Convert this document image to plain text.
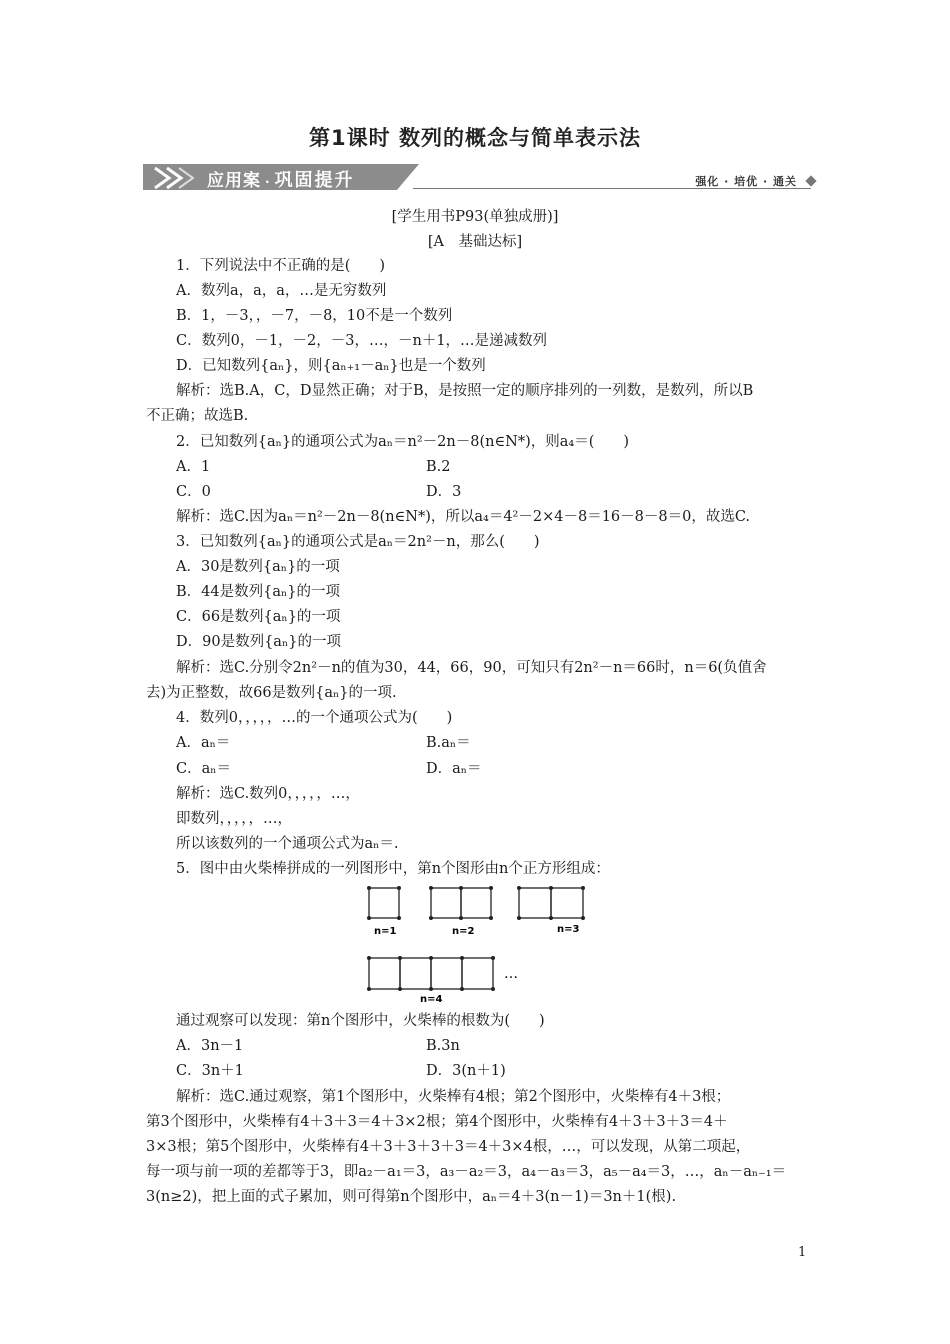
第1课时 数列的概念与简单表示法
应用案 · 巩固提升	强化 · 培优 · 通关
[学生用书P93(单独成册)]
[A　基础达标]
1．下列说法中不正确的是(　　)
A．数列a，a，a，…是无穷数列
B．1，－3，，－7，－8，10不是一个数列
C．数列0，－1，－2，－3，…，－n＋1，…是递减数列
D．已知数列{aₙ}，则{aₙ₊₁－aₙ}也是一个数列
解析：选B.A，C，D显然正确；对于B，是按照一定的顺序排列的一列数，是数列，所以B
不正确；故选B.
2．已知数列{aₙ}的通项公式为aₙ＝n²－2n－8(n∈N*)，则a₄＝(　　)
A．1	B.2
C．0	D．3
解析：选C.因为aₙ＝n²－2n－8(n∈N*)，所以a₄＝4²－2×4－8＝16－8－8＝0，故选C.
3．已知数列{aₙ}的通项公式是aₙ＝2n²－n，那么(　　)
A．30是数列{aₙ}的一项
B．44是数列{aₙ}的一项
C．66是数列{aₙ}的一项
D．90是数列{aₙ}的一项
解析：选C.分别令2n²－n的值为30，44，66，90，可知只有2n²－n＝66时，n＝6(负值舍
去)为正整数，故66是数列{aₙ}的一项.
4．数列0，，，，，…的一个通项公式为(　　)
A．aₙ＝	B.aₙ＝
C．aₙ＝	D．aₙ＝
解析：选C.数列0，，，，，…，
即数列，，，，，…，
所以该数列的一个通项公式为aₙ＝.
5．图中由火柴棒拼成的一列图形中，第n个图形由n个正方形组成：
n=1	n=2	n=3
n=4
…
通过观察可以发现：第n个图形中，火柴棒的根数为(　　)
A．3n－1	B.3n
C．3n＋1	D．3(n＋1)
解析：选C.通过观察，第1个图形中，火柴棒有4根；第2个图形中，火柴棒有4＋3根；
第3个图形中，火柴棒有4＋3＋3＝4＋3×2根；第4个图形中，火柴棒有4＋3＋3＋3＝4＋
3×3根；第5个图形中，火柴棒有4＋3＋3＋3＋3＝4＋3×4根，…，可以发现，从第二项起，
每一项与前一项的差都等于3，即a₂－a₁＝3，a₃－a₂＝3，a₄－a₃＝3，a₅－a₄＝3，…，aₙ－aₙ₋₁＝
3(n≥2)，把上面的式子累加，则可得第n个图形中，aₙ＝4＋3(n－1)＝3n＋1(根).
1
